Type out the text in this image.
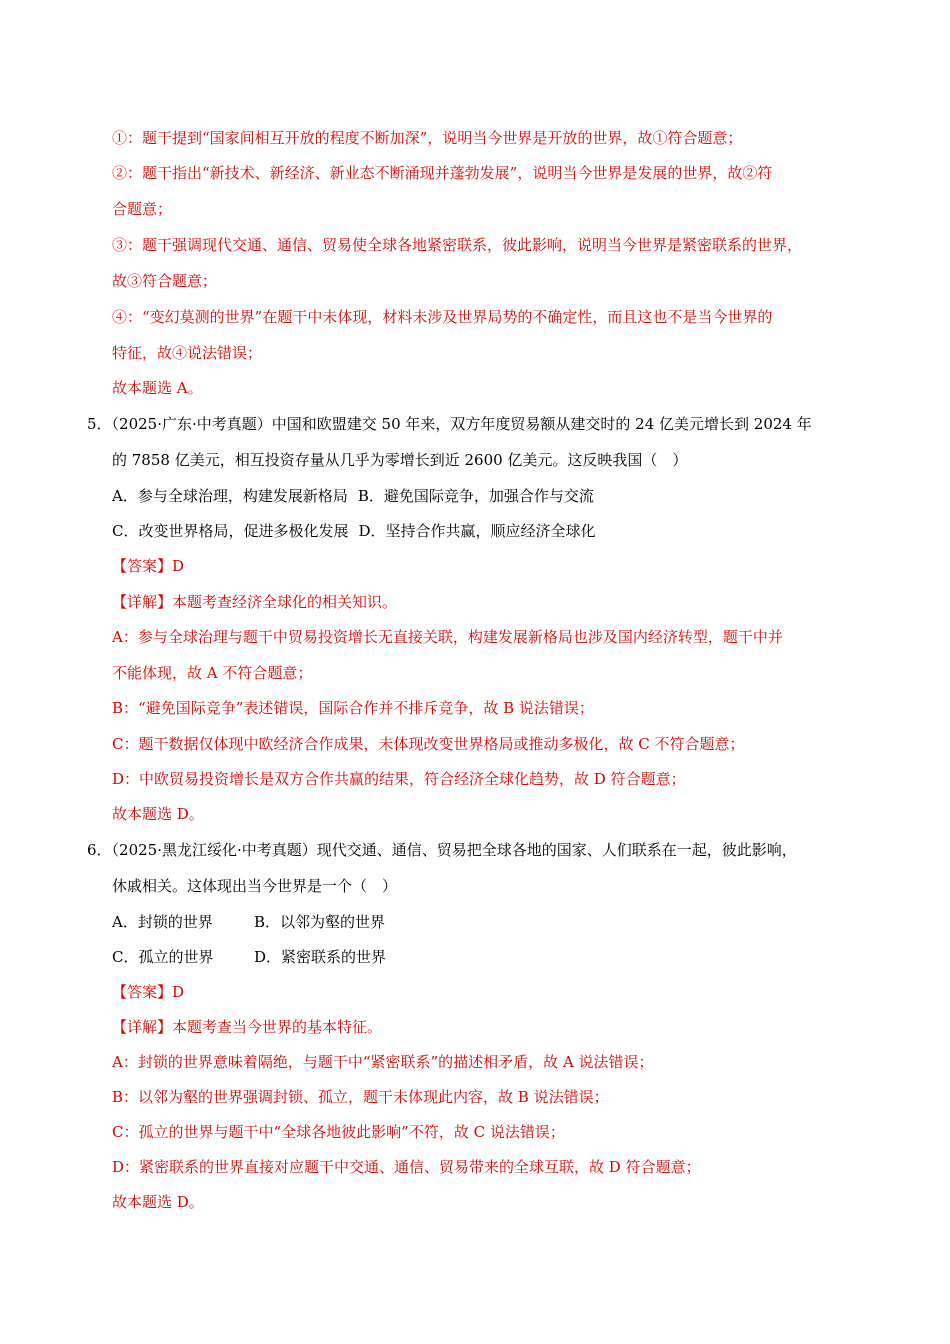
①：题干提到“国家间相互开放的程度不断加深”，说明当今世界是开放的世界，故①符合题意；
②：题干指出“新技术、新经济、新业态不断涌现并蓬勃发展”，说明当今世界是发展的世界，故②符
合题意；
③：题干强调现代交通、通信、贸易使全球各地紧密联系，彼此影响，说明当今世界是紧密联系的世界，
故③符合题意；
④：“变幻莫测的世界”在题干中未体现，材料未涉及世界局势的不确定性，而且这也不是当今世界的
特征，故④说法错误；
故本题选 A。
5．（2025·广东·中考真题）中国和欧盟建交 50 年来，双方年度贸易额从建交时的 24 亿美元增长到 2024 年
的 7858 亿美元，相互投资存量从几乎为零增长到近 2600 亿美元。这反映我国（　）
A．参与全球治理，构建发展新格局 B．避免国际竞争，加强合作与交流
C．改变世界格局，促进多极化发展 D．坚持合作共赢，顺应经济全球化
【答案】D
【详解】本题考查经济全球化的相关知识。
A：参与全球治理与题干中贸易投资增长无直接关联，构建发展新格局也涉及国内经济转型，题干中并
不能体现，故 A 不符合题意；
B：“避免国际竞争”表述错误，国际合作并不排斥竞争，故 B 说法错误；
C：题干数据仅体现中欧经济合作成果，未体现改变世界格局或推动多极化，故 C 不符合题意；
D：中欧贸易投资增长是双方合作共赢的结果，符合经济全球化趋势，故 D 符合题意；
故本题选 D。
6．（2025·黑龙江绥化·中考真题）现代交通、通信、贸易把全球各地的国家、人们联系在一起，彼此影响，
休戚相关。这体现出当今世界是一个（　）
A．封锁的世界	B．以邻为壑的世界
C．孤立的世界	D．紧密联系的世界
【答案】D
【详解】本题考查当今世界的基本特征。
A：封锁的世界意味着隔绝，与题干中“紧密联系”的描述相矛盾，故 A 说法错误；
B：以邻为壑的世界强调封锁、孤立，题干未体现此内容，故 B 说法错误；
C：孤立的世界与题干中“全球各地彼此影响”不符，故 C 说法错误；
D：紧密联系的世界直接对应题干中交通、通信、贸易带来的全球互联，故 D 符合题意；
故本题选 D。
